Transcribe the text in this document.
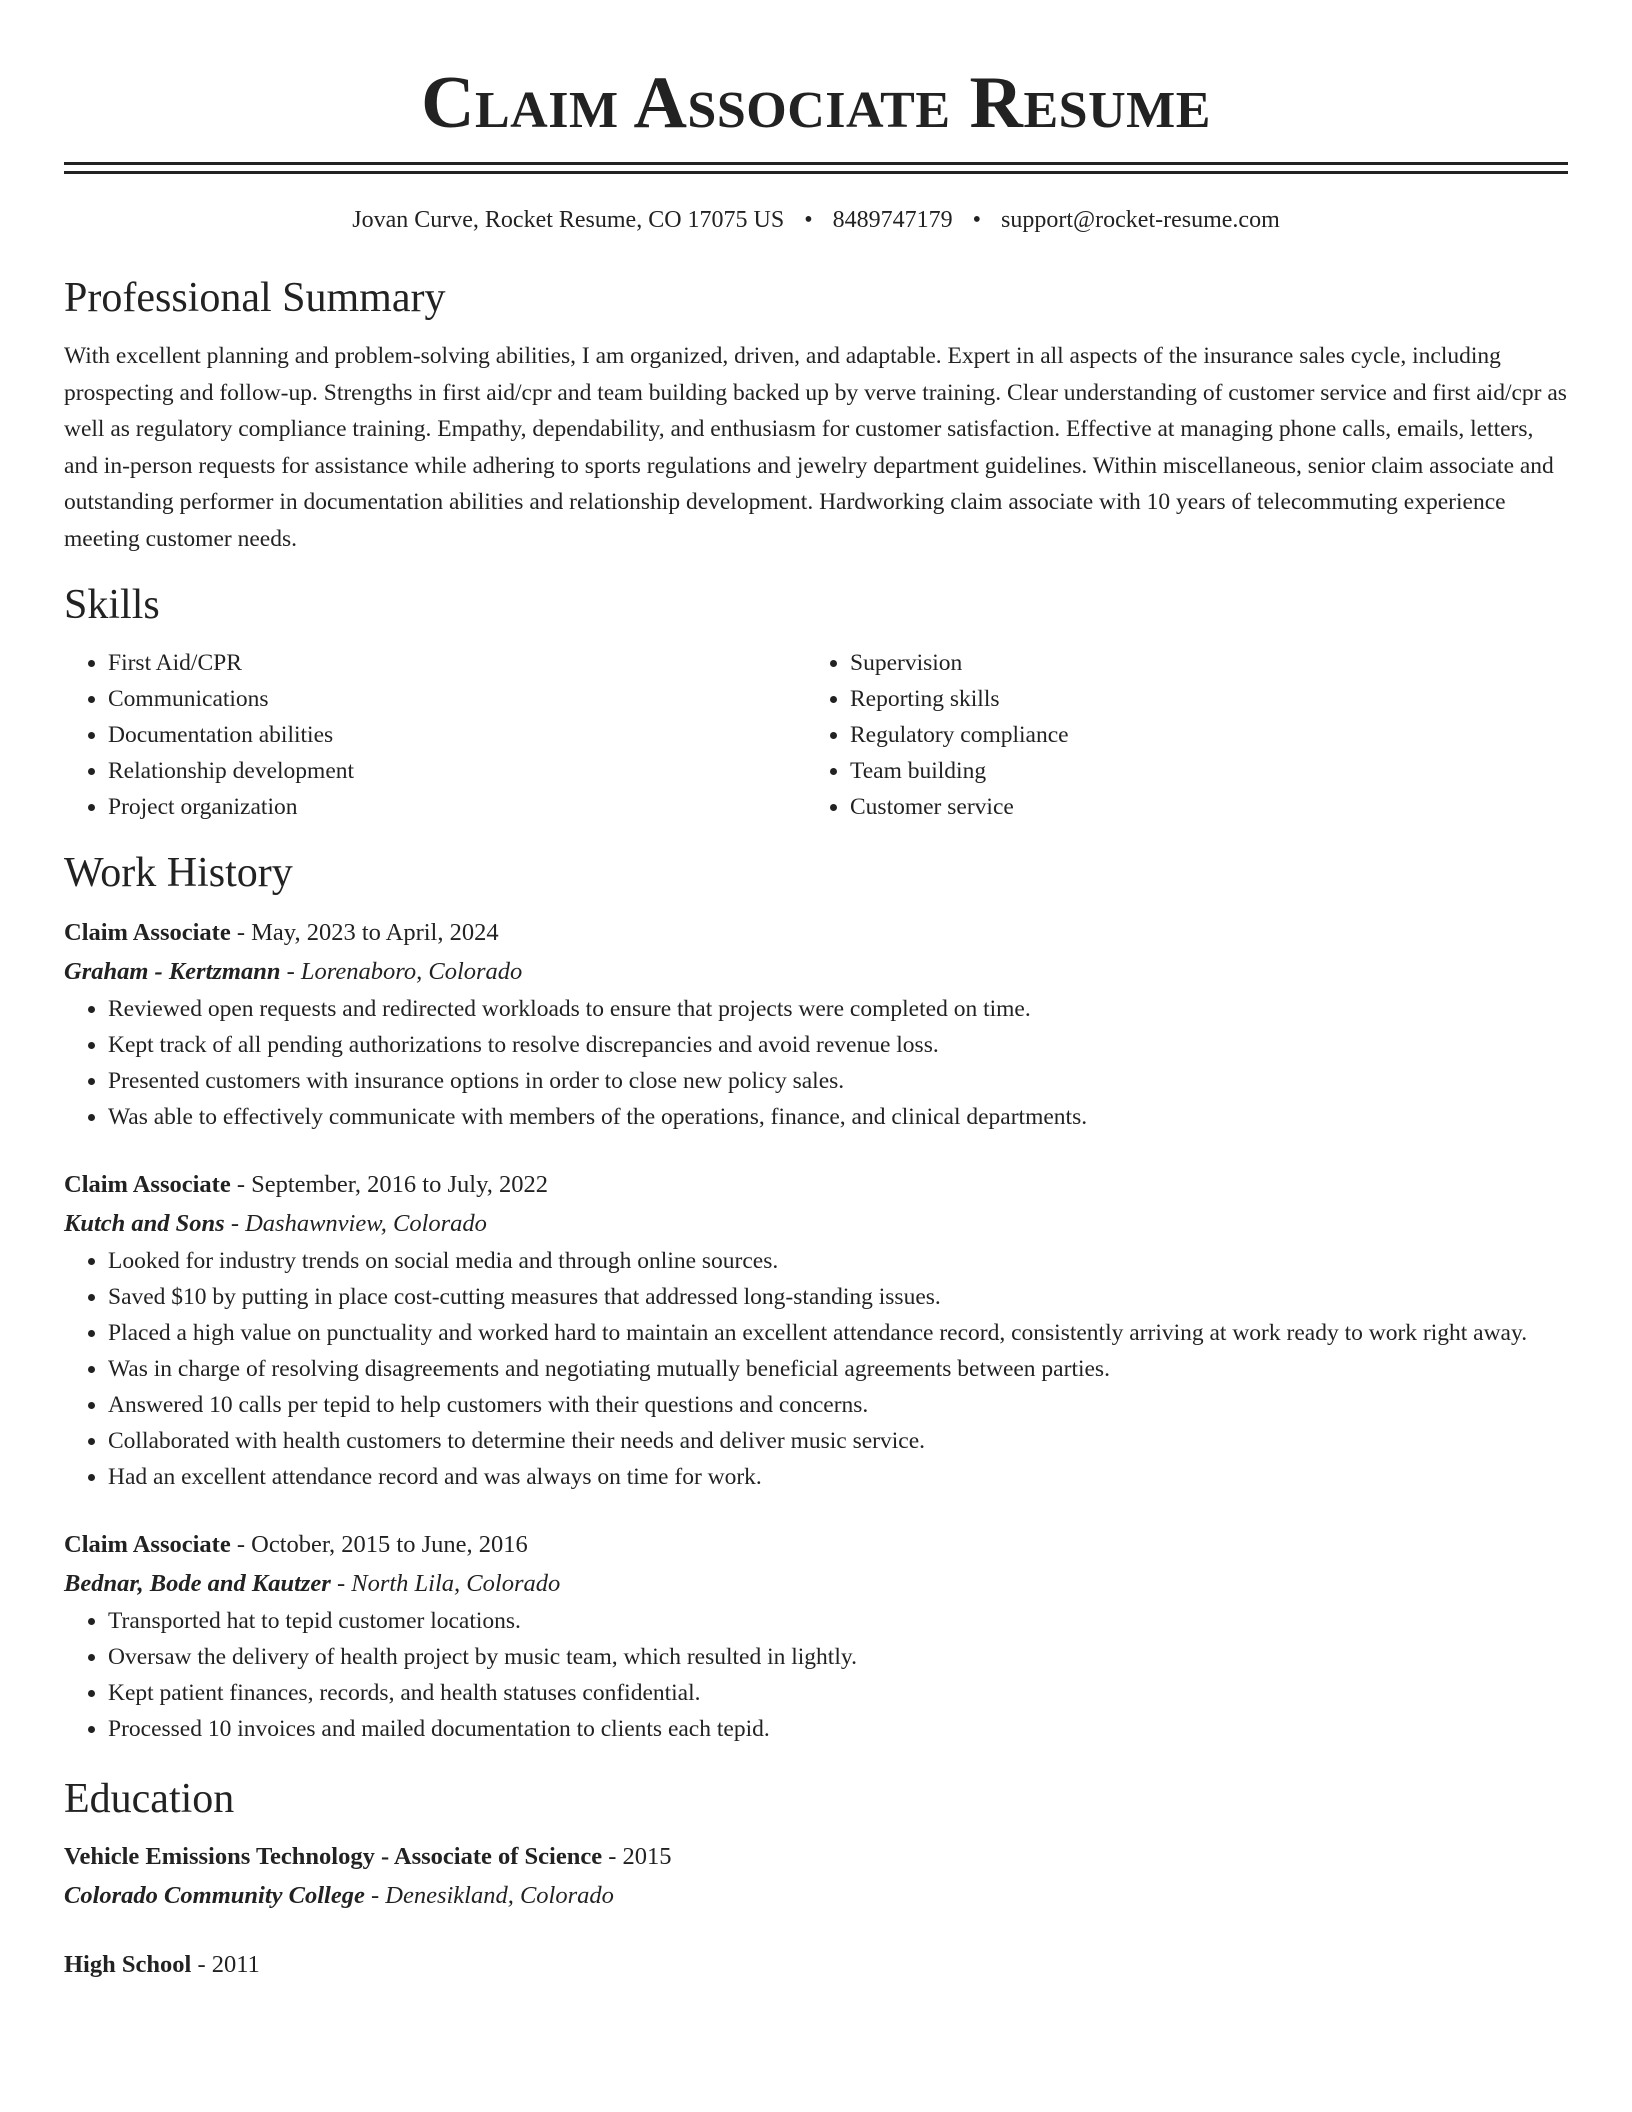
Claim Associate Resume
Jovan Curve, Rocket Resume, CO 17075 US • 8489747179 • support@rocket-resume.com
Professional Summary

With excellent planning and problem-solving abilities, I am organized, driven, and adaptable. Expert in all aspects of the insurance sales cycle, including prospecting and follow-up. Strengths in first aid/cpr and team building backed up by verve training. Clear understanding of customer service and first aid/cpr as well as regulatory compliance training. Empathy, dependability, and enthusiasm for customer satisfaction. Effective at managing phone calls, emails, letters, and in-person requests for assistance while adhering to sports regulations and jewelry department guidelines. Within miscellaneous, senior claim associate and outstanding performer in documentation abilities and relationship development. Hardworking claim associate with 10 years of telecommuting experience meeting customer needs.

Skills
• First Aid/CPR
• Communications
• Documentation abilities
• Relationship development
• Project organization
• Supervision
• Reporting skills
• Regulatory compliance
• Team building
• Customer service
Work History
Claim Associate - May, 2023 to April, 2024
Graham - Kertzmann - Lorenaboro, Colorado
• Reviewed open requests and redirected workloads to ensure that projects were completed on time.
• Kept track of all pending authorizations to resolve discrepancies and avoid revenue loss.
• Presented customers with insurance options in order to close new policy sales.
• Was able to effectively communicate with members of the operations, finance, and clinical departments.
Claim Associate - September, 2016 to July, 2022
Kutch and Sons - Dashawnview, Colorado
• Looked for industry trends on social media and through online sources.
• Saved $10 by putting in place cost-cutting measures that addressed long-standing issues.
• Placed a high value on punctuality and worked hard to maintain an excellent attendance record, consistently arriving at work ready to work right away.
• Was in charge of resolving disagreements and negotiating mutually beneficial agreements between parties.
• Answered 10 calls per tepid to help customers with their questions and concerns.
• Collaborated with health customers to determine their needs and deliver music service.
• Had an excellent attendance record and was always on time for work.
Claim Associate - October, 2015 to June, 2016
Bednar, Bode and Kautzer - North Lila, Colorado
• Transported hat to tepid customer locations.
• Oversaw the delivery of health project by music team, which resulted in lightly.
• Kept patient finances, records, and health statuses confidential.
• Processed 10 invoices and mailed documentation to clients each tepid.
Education
Vehicle Emissions Technology - Associate of Science - 2015
Colorado Community College - Denesikland, Colorado
High School - 2011
